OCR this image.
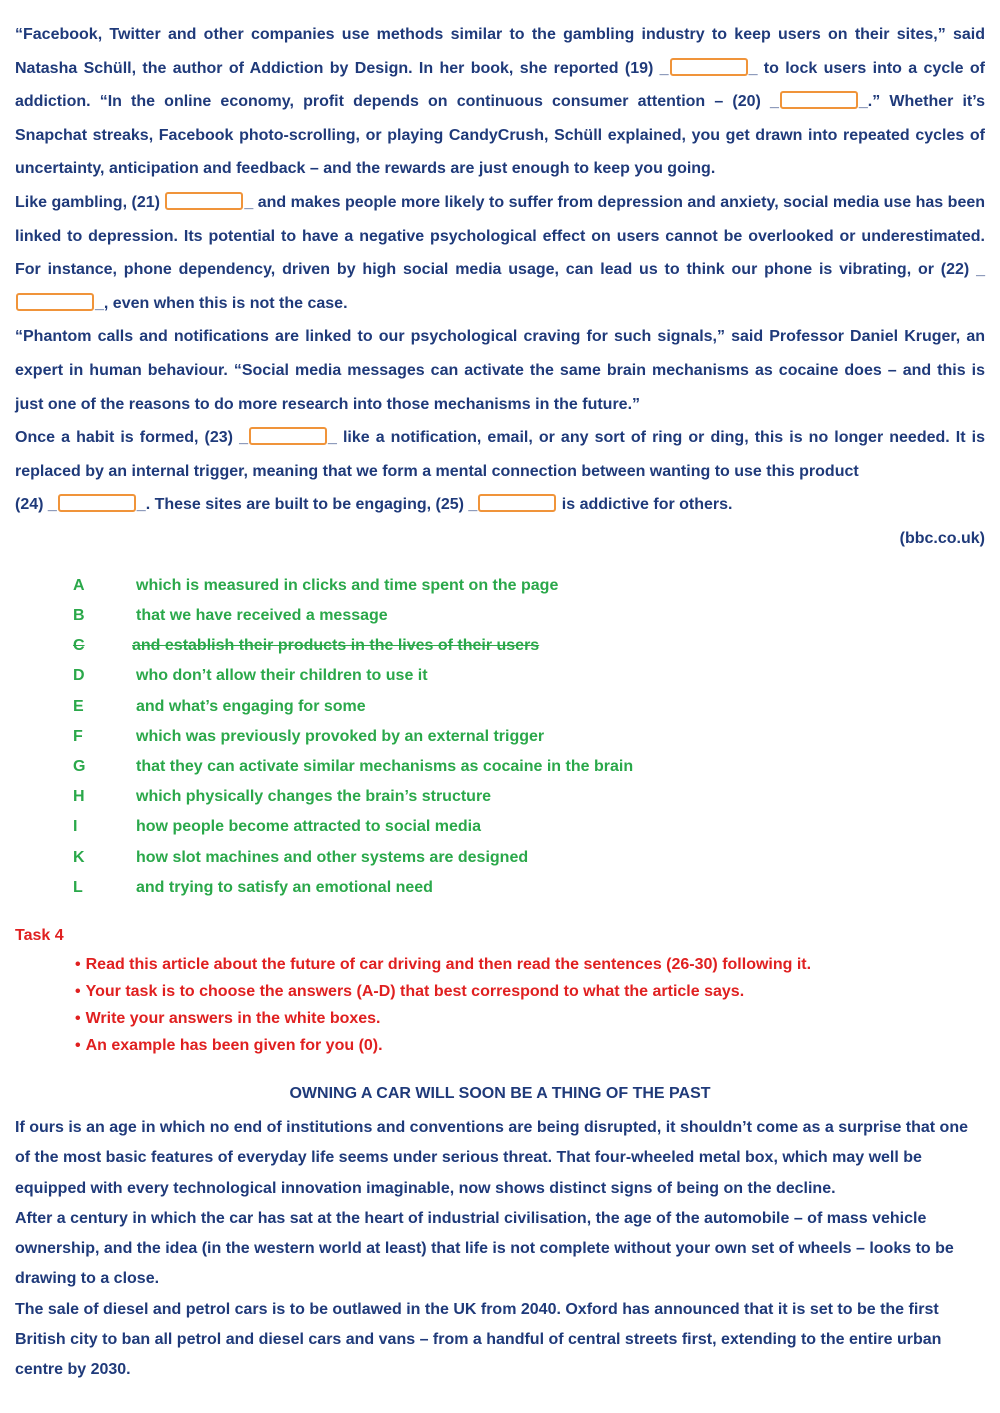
“Facebook, Twitter and other companies use methods similar to the gambling industry to keep users on their sites,” said Natasha Schüll, the author of Addiction by Design. In her book, she reported (19) _	_ to lock users into a cycle of addiction. “In the online economy, profit depends on continuous consumer attention – (20) _	_.” Whether it’s Snapchat streaks, Facebook photo-scrolling, or playing CandyCrush, Schüll explained, you get drawn into repeated cycles of uncertainty, anticipation and feedback – and the rewards are just enough to keep you going.

Like gambling, (21)	_ and makes people more likely to suffer from depression and anxiety, social media use has been linked to depression. Its potential to have a negative psychological effect on users cannot be overlooked or underestimated. For instance, phone dependency, driven by high social media usage, can lead us to think our phone is vibrating, or (22) __, even when this is not the case.

“Phantom calls and notifications are linked to our psychological craving for such signals,” said Professor Daniel Kruger, an expert in human behaviour. “Social media messages can activate the same brain mechanisms as cocaine does – and this is just one of the reasons to do more research into those mechanisms in the future.”

Once a habit is formed, (23) _	_ like a notification, email, or any sort of ring or ding, this is no longer needed. It is replaced by an internal trigger, meaning that we form a mental connection between wanting to use this product

(24) _	_. These sites are built to be engaging, (25) _	is addictive for others.

(bbc.co.uk)

A	which is measured in clicks and time spent on the page
B	that we have received a message
C	and establish their products in the lives of their users
D	who don’t allow their children to use it
E	and what’s engaging for some
F	which was previously provoked by an external trigger
G	that they can activate similar mechanisms as cocaine in the brain
H	which physically changes the brain’s structure
I	how people become attracted to social media
K	how slot machines and other systems are designed
L	and trying to satisfy an emotional need

Task 4

• Read this article about the future of car driving and then read the sentences (26-30) following it.
• Your task is to choose the answers (A-D) that best correspond to what the article says.
• Write your answers in the white boxes.
• An example has been given for you (0).

OWNING A CAR WILL SOON BE A THING OF THE PAST

If ours is an age in which no end of institutions and conventions are being disrupted, it shouldn’t come as a surprise that one of the most basic features of everyday life seems under serious threat. That four-wheeled metal box, which may well be equipped with every technological innovation imaginable, now shows distinct signs of being on the decline.

After a century in which the car has sat at the heart of industrial civilisation, the age of the automobile – of mass vehicle ownership, and the idea (in the western world at least) that life is not complete without your own set of wheels – looks to be drawing to a close.

The sale of diesel and petrol cars is to be outlawed in the UK from 2040. Oxford has announced that it is set to be the first British city to ban all petrol and diesel cars and vans – from a handful of central streets first, extending to the entire urban centre by 2030.
